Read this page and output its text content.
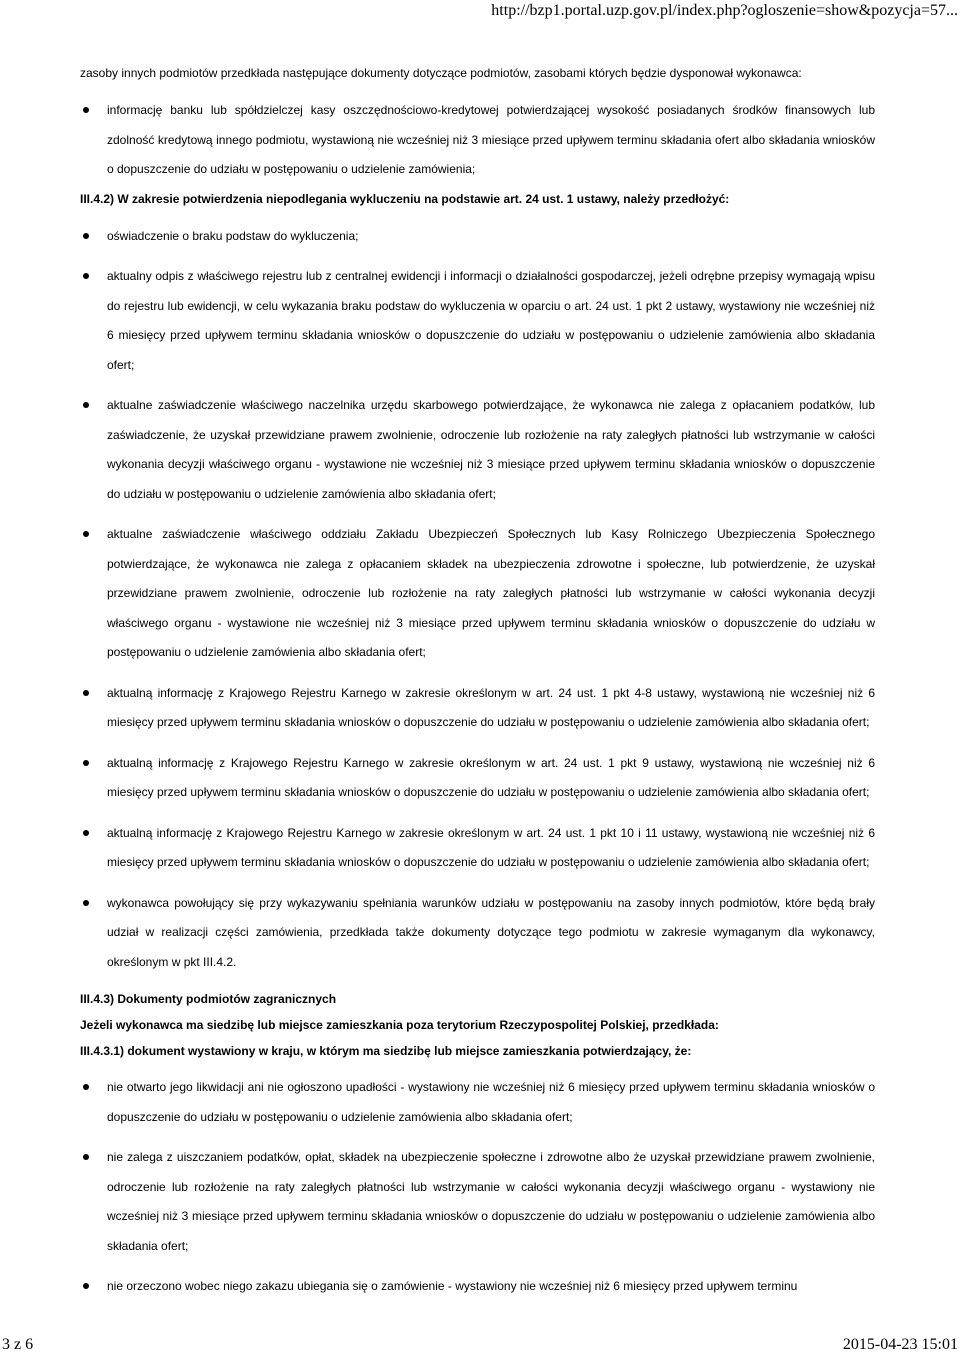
http://bzp1.portal.uzp.gov.pl/index.php?ogloszenie=show&pozycja=57...

zasoby innych podmiotów przedkłada następujące dokumenty dotyczące podmiotów, zasobami których będzie dysponował wykonawca:

informację banku lub spółdzielczej kasy oszczędnościowo-kredytowej potwierdzającej wysokość posiadanych środków finansowych lub zdolność kredytową innego podmiotu, wystawioną nie wcześniej niż 3 miesiące przed upływem terminu składania ofert albo składania wniosków o dopuszczenie do udziału w postępowaniu o udzielenie zamówienia;

III.4.2) W zakresie potwierdzenia niepodlegania wykluczeniu na podstawie art. 24 ust. 1 ustawy, należy przedłożyć:

oświadczenie o braku podstaw do wykluczenia;
aktualny odpis z właściwego rejestru lub z centralnej ewidencji i informacji o działalności gospodarczej, jeżeli odrębne przepisy wymagają wpisu do rejestru lub ewidencji, w celu wykazania braku podstaw do wykluczenia w oparciu o art. 24 ust. 1 pkt 2 ustawy, wystawiony nie wcześniej niż 6 miesięcy przed upływem terminu składania wniosków o dopuszczenie do udziału w postępowaniu o udzielenie zamówienia albo składania ofert;
aktualne zaświadczenie właściwego naczelnika urzędu skarbowego potwierdzające, że wykonawca nie zalega z opłacaniem podatków, lub zaświadczenie, że uzyskał przewidziane prawem zwolnienie, odroczenie lub rozłożenie na raty zaległych płatności lub wstrzymanie w całości wykonania decyzji właściwego organu - wystawione nie wcześniej niż 3 miesiące przed upływem terminu składania wniosków o dopuszczenie do udziału w postępowaniu o udzielenie zamówienia albo składania ofert;
aktualne zaświadczenie właściwego oddziału Zakładu Ubezpieczeń Społecznych lub Kasy Rolniczego Ubezpieczenia Społecznego potwierdzające, że wykonawca nie zalega z opłacaniem składek na ubezpieczenia zdrowotne i społeczne, lub potwierdzenie, że uzyskał przewidziane prawem zwolnienie, odroczenie lub rozłożenie na raty zaległych płatności lub wstrzymanie w całości wykonania decyzji właściwego organu - wystawione nie wcześniej niż 3 miesiące przed upływem terminu składania wniosków o dopuszczenie do udziału w postępowaniu o udzielenie zamówienia albo składania ofert;
aktualną informację z Krajowego Rejestru Karnego w zakresie określonym w art. 24 ust. 1 pkt 4-8 ustawy, wystawioną nie wcześniej niż 6 miesięcy przed upływem terminu składania wniosków o dopuszczenie do udziału w postępowaniu o udzielenie zamówienia albo składania ofert;
aktualną informację z Krajowego Rejestru Karnego w zakresie określonym w art. 24 ust. 1 pkt 9 ustawy, wystawioną nie wcześniej niż 6 miesięcy przed upływem terminu składania wniosków o dopuszczenie do udziału w postępowaniu o udzielenie zamówienia albo składania ofert;
aktualną informację z Krajowego Rejestru Karnego w zakresie określonym w art. 24 ust. 1 pkt 10 i 11 ustawy, wystawioną nie wcześniej niż 6 miesięcy przed upływem terminu składania wniosków o dopuszczenie do udziału w postępowaniu o udzielenie zamówienia albo składania ofert;
wykonawca powołujący się przy wykazywaniu spełniania warunków udziału w postępowaniu na zasoby innych podmiotów, które będą brały udział w realizacji części zamówienia, przedkłada także dokumenty dotyczące tego podmiotu w zakresie wymaganym dla wykonawcy, określonym w pkt III.4.2.

III.4.3) Dokumenty podmiotów zagranicznych

Jeżeli wykonawca ma siedzibę lub miejsce zamieszkania poza terytorium Rzeczypospolitej Polskiej, przedkłada:

III.4.3.1) dokument wystawiony w kraju, w którym ma siedzibę lub miejsce zamieszkania potwierdzający, że:

nie otwarto jego likwidacji ani nie ogłoszono upadłości - wystawiony nie wcześniej niż 6 miesięcy przed upływem terminu składania wniosków o dopuszczenie do udziału w postępowaniu o udzielenie zamówienia albo składania ofert;
nie zalega z uiszczaniem podatków, opłat, składek na ubezpieczenie społeczne i zdrowotne albo że uzyskał przewidziane prawem zwolnienie, odroczenie lub rozłożenie na raty zaległych płatności lub wstrzymanie w całości wykonania decyzji właściwego organu - wystawiony nie wcześniej niż 3 miesiące przed upływem terminu składania wniosków o dopuszczenie do udziału w postępowaniu o udzielenie zamówienia albo składania ofert;
nie orzeczono wobec niego zakazu ubiegania się o zamówienie - wystawiony nie wcześniej niż 6 miesięcy przed upływem terminu
3 z 6	2015-04-23 15:01
